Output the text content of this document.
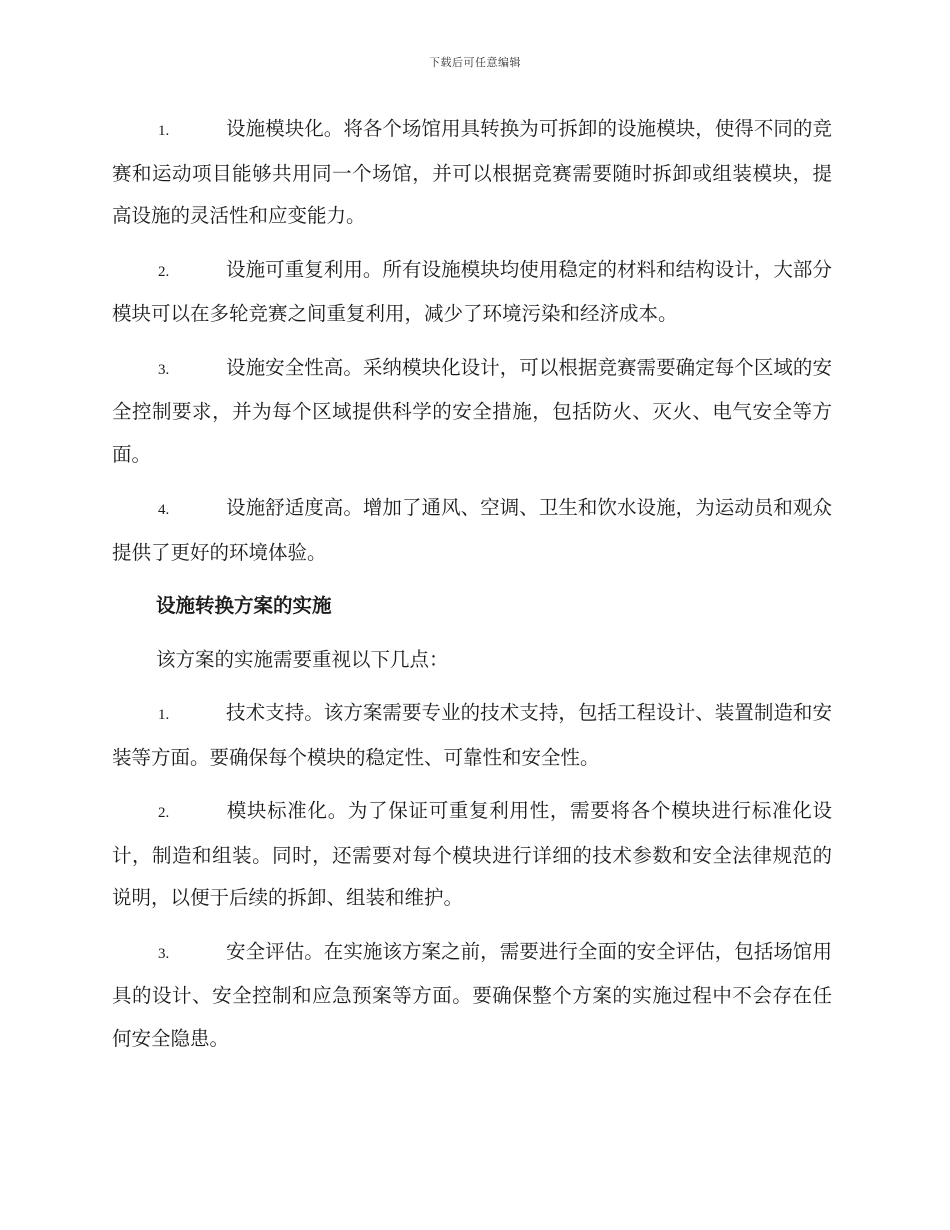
下载后可任意编辑

1.	设施模块化。将各个场馆用具转换为可拆卸的设施模块，使得不同的竞赛和运动项目能够共用同一个场馆，并可以根据竞赛需要随时拆卸或组装模块，提高设施的灵活性和应变能力。

2.	设施可重复利用。所有设施模块均使用稳定的材料和结构设计，大部分模块可以在多轮竞赛之间重复利用，减少了环境污染和经济成本。

3.	设施安全性高。采纳模块化设计，可以根据竞赛需要确定每个区域的安全控制要求，并为每个区域提供科学的安全措施，包括防火、灭火、电气安全等方面。

4.	设施舒适度高。增加了通风、空调、卫生和饮水设施，为运动员和观众提供了更好的环境体验。

设施转换方案的实施

该方案的实施需要重视以下几点：

1.	技术支持。该方案需要专业的技术支持，包括工程设计、装置制造和安装等方面。要确保每个模块的稳定性、可靠性和安全性。

2.	模块标准化。为了保证可重复利用性，需要将各个模块进行标准化设计，制造和组装。同时，还需要对每个模块进行详细的技术参数和安全法律规范的说明，以便于后续的拆卸、组装和维护。

3.	安全评估。在实施该方案之前，需要进行全面的安全评估，包括场馆用具的设计、安全控制和应急预案等方面。要确保整个方案的实施过程中不会存在任何安全隐患。
